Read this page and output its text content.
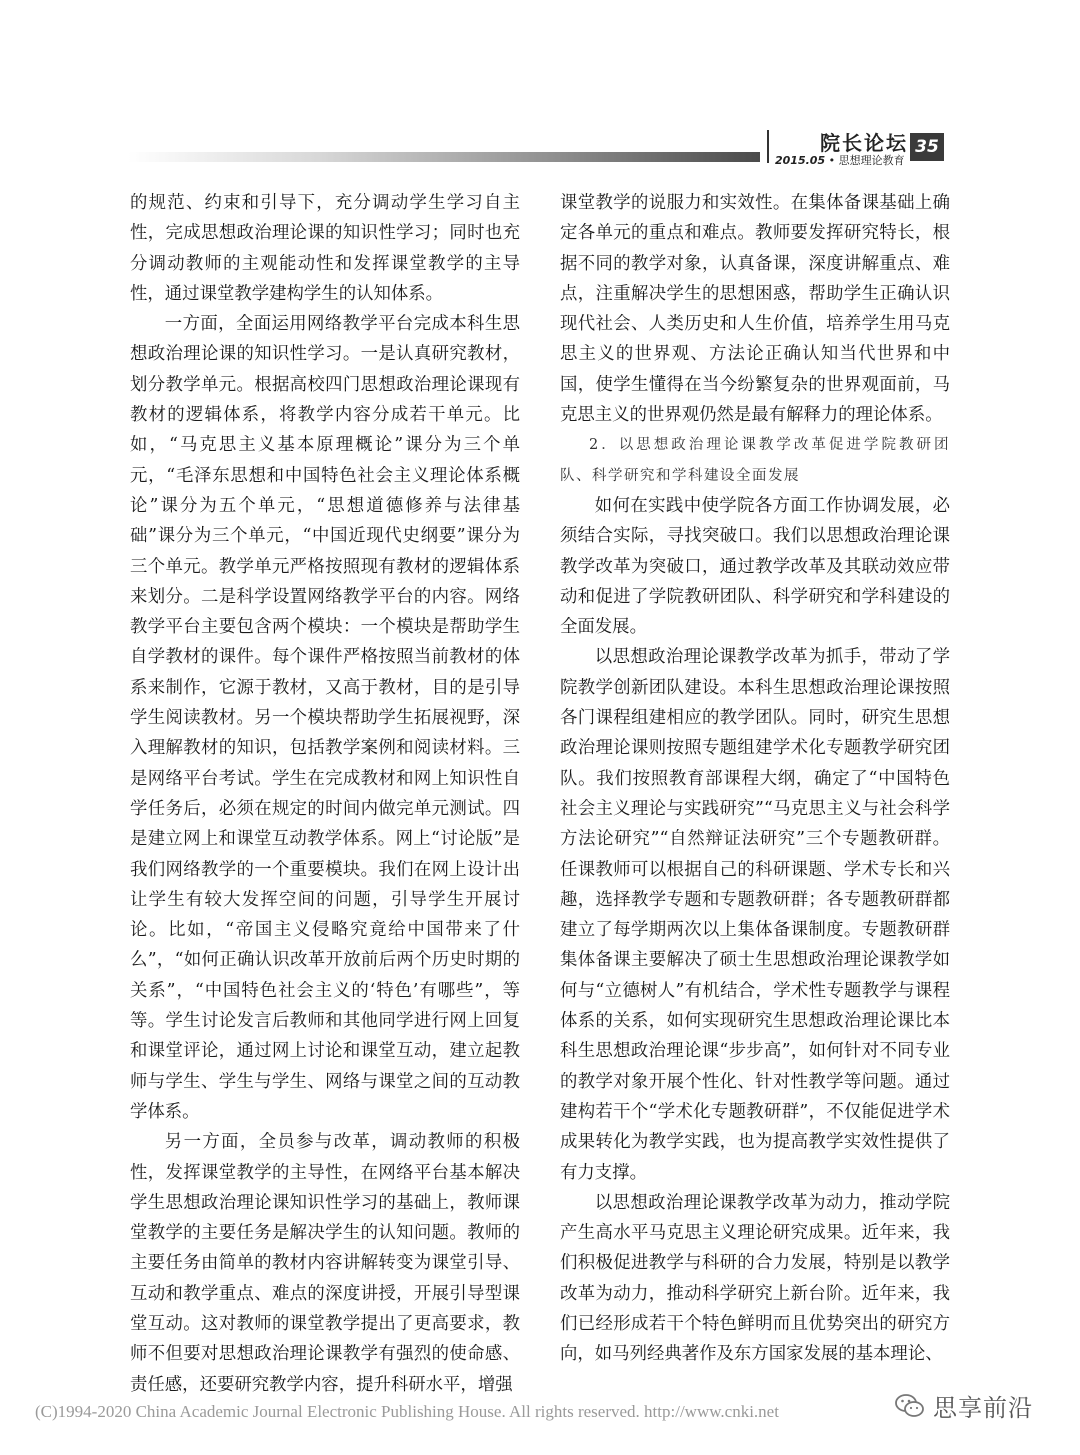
院长论坛
2015.05 • 思想理论教育
35

的规范、约束和引导下，充分调动学生学习自主性，完成思想政治理论课的知识性学习；同时也充分调动教师的主观能动性和发挥课堂教学的主导性，通过课堂教学建构学生的认知体系。

一方面，全面运用网络教学平台完成本科生思想政治理论课的知识性学习。一是认真研究教材，划分教学单元。根据高校四门思想政治理论课现有教材的逻辑体系，将教学内容分成若干单元。比如，“马克思主义基本原理概论”课分为三个单元，“毛泽东思想和中国特色社会主义理论体系概论”课分为五个单元，“思想道德修养与法律基础”课分为三个单元，“中国近现代史纲要”课分为三个单元。教学单元严格按照现有教材的逻辑体系来划分。二是科学设置网络教学平台的内容。网络教学平台主要包含两个模块：一个模块是帮助学生自学教材的课件。每个课件严格按照当前教材的体系来制作，它源于教材，又高于教材，目的是引导学生阅读教材。另一个模块帮助学生拓展视野，深入理解教材的知识，包括教学案例和阅读材料。三是网络平台考试。学生在完成教材和网上知识性自学任务后，必须在规定的时间内做完单元测试。四是建立网上和课堂互动教学体系。网上“讨论版”是我们网络教学的一个重要模块。我们在网上设计出让学生有较大发挥空间的问题，引导学生开展讨论。比如，“帝国主义侵略究竟给中国带来了什么”，“如何正确认识改革开放前后两个历史时期的关系”，“中国特色社会主义的‘特色’有哪些”，等等。学生讨论发言后教师和其他同学进行网上回复和课堂评论，通过网上讨论和课堂互动，建立起教师与学生、学生与学生、网络与课堂之间的互动教学体系。

另一方面，全员参与改革，调动教师的积极性，发挥课堂教学的主导性，在网络平台基本解决学生思想政治理论课知识性学习的基础上，教师课堂教学的主要任务是解决学生的认知问题。教师的主要任务由简单的教材内容讲解转变为课堂引导、互动和教学重点、难点的深度讲授，开展引导型课堂互动。这对教师的课堂教学提出了更高要求，教师不但要对思想政治理论课教学有强烈的使命感、责任感，还要研究教学内容，提升科研水平，增强

课堂教学的说服力和实效性。在集体备课基础上确定各单元的重点和难点。教师要发挥研究特长，根据不同的教学对象，认真备课，深度讲解重点、难点，注重解决学生的思想困惑，帮助学生正确认识现代社会、人类历史和人生价值，培养学生用马克思主义的世界观、方法论正确认知当代世界和中国，使学生懂得在当今纷繁复杂的世界观面前，马克思主义的世界观仍然是最有解释力的理论体系。

2．以思想政治理论课教学改革促进学院教研团队、科学研究和学科建设全面发展

如何在实践中使学院各方面工作协调发展，必须结合实际，寻找突破口。我们以思想政治理论课教学改革为突破口，通过教学改革及其联动效应带动和促进了学院教研团队、科学研究和学科建设的全面发展。

以思想政治理论课教学改革为抓手，带动了学院教学创新团队建设。本科生思想政治理论课按照各门课程组建相应的教学团队。同时，研究生思想政治理论课则按照专题组建学术化专题教学研究团队。我们按照教育部课程大纲，确定了“中国特色社会主义理论与实践研究”“马克思主义与社会科学方法论研究”“自然辩证法研究”三个专题教研群。任课教师可以根据自己的科研课题、学术专长和兴趣，选择教学专题和专题教研群；各专题教研群都建立了每学期两次以上集体备课制度。专题教研群集体备课主要解决了硕士生思想政治理论课教学如何与“立德树人”有机结合，学术性专题教学与课程体系的关系，如何实现研究生思想政治理论课比本科生思想政治理论课“步步高”，如何针对不同专业的教学对象开展个性化、针对性教学等问题。通过建构若干个“学术化专题教研群”，不仅能促进学术成果转化为教学实践，也为提高教学实效性提供了有力支撑。

以思想政治理论课教学改革为动力，推动学院产生高水平马克思主义理论研究成果。近年来，我们积极促进教学与科研的合力发展，特别是以教学改革为动力，推动科学研究上新台阶。近年来，我们已经形成若干个特色鲜明而且优势突出的研究方向，如马列经典著作及东方国家发展的基本理论、

(C)1994-2020 China Academic Journal Electronic Publishing House. All rights reserved. http://www.cnki.net	思享前沿
